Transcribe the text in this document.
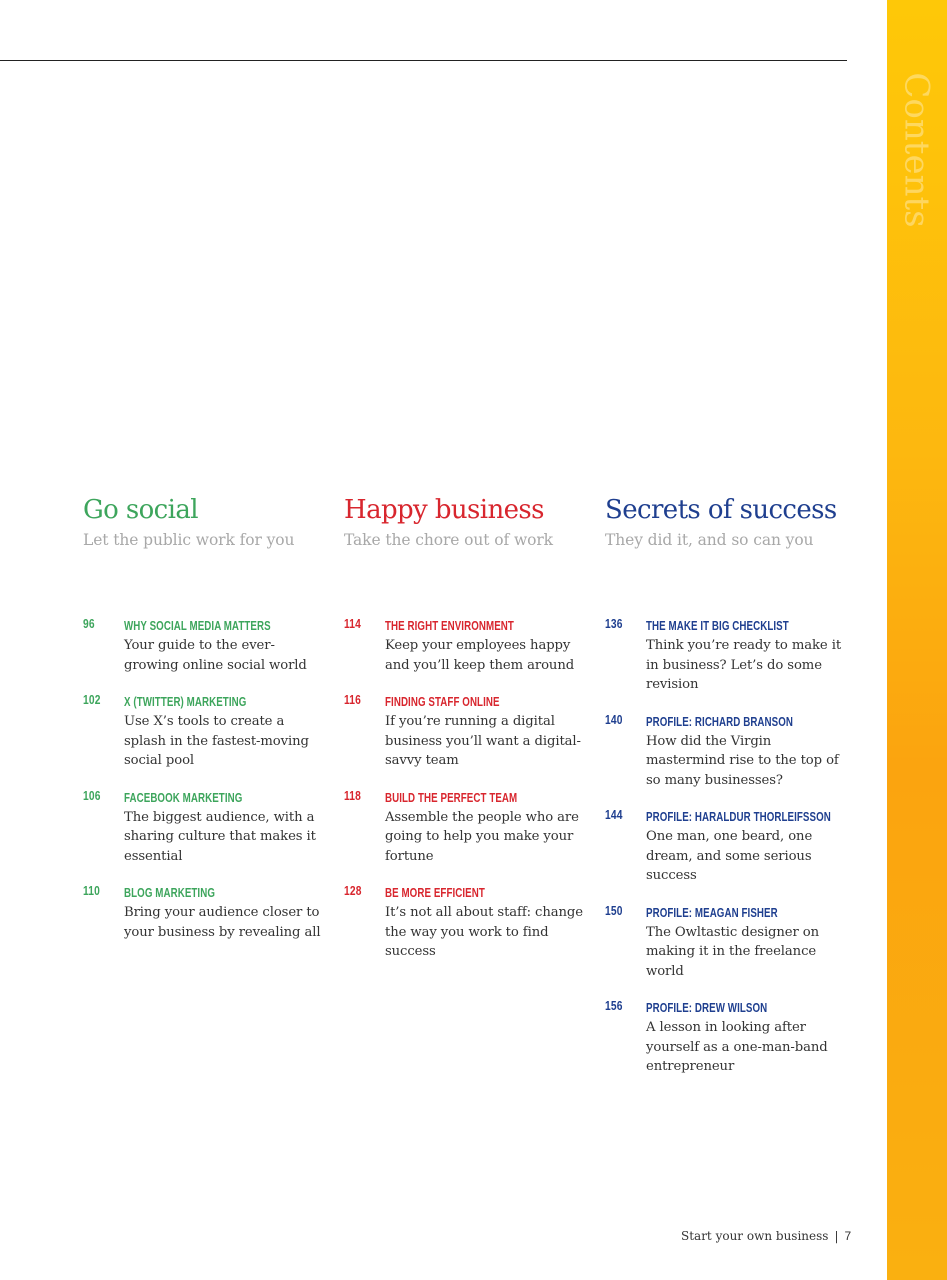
Contents
Go social

Let the public work for you

96 WHY SOCIAL MEDIA MATTERS
Your guide to the ever-growing online social world
102 X (TWITTER) MARKETING
Use X’s tools to create a splash in the fastest-moving social pool
106 FACEBOOK MARKETING
The biggest audience, with a sharing culture that makes it essential
110 BLOG MARKETING
Bring your audience closer to your business by revealing all
Happy business

Take the chore out of work

114 THE RIGHT ENVIRONMENT
Keep your employees happy and you’ll keep them around
116 FINDING STAFF ONLINE
If you’re running a digital business you’ll want a digital-savvy team
118 BUILD THE PERFECT TEAM
Assemble the people who are going to help you make your fortune
128 BE MORE EFFICIENT
It’s not all about staff: change the way you work to find success
Secrets of success

They did it, and so can you

136 THE MAKE IT BIG CHECKLIST
Think you’re ready to make it in business? Let’s do some revision
140 PROFILE: RICHARD BRANSON
How did the Virgin mastermind rise to the top of so many businesses?
144 PROFILE: HARALDUR THORLEIFSSON
One man, one beard, one dream, and some serious success
150 PROFILE: MEAGAN FISHER
The Owltastic designer on making it in the freelance world
156 PROFILE: DREW WILSON
A lesson in looking after yourself as a one-man-band entrepreneur
Start your own business | 7
